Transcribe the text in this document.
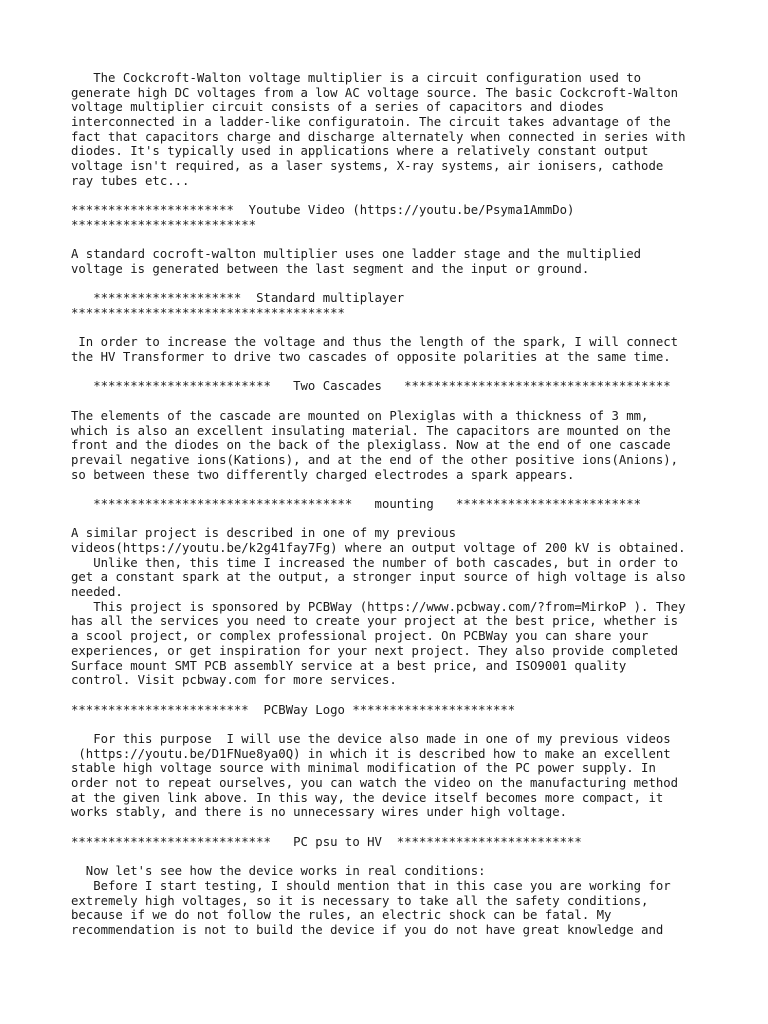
The Cockcroft-Walton voltage multiplier is a circuit configuration used to
generate high DC voltages from a low AC voltage source. The basic Cockcroft-Walton
voltage multiplier circuit consists of a series of capacitors and diodes
interconnected in a ladder-like configuratoin. The circuit takes advantage of the
fact that capacitors charge and discharge alternately when connected in series with
diodes. It's typically used in applications where a relatively constant output
voltage isn't required, as a laser systems, X-ray systems, air ionisers, cathode
ray tubes etc...
**********************  Youtube Video (https://youtu.be/Psyma1AmmDo)
*************************
A standard cocroft-walton multiplier uses one ladder stage and the multiplied
voltage is generated between the last segment and the input or ground.
********************  Standard multiplayer
*************************************
In order to increase the voltage and thus the length of the spark, I will connect
the HV Transformer to drive two cascades of opposite polarities at the same time.
************************   Two Cascades   ************************************
The elements of the cascade are mounted on Plexiglas with a thickness of 3 mm,
which is also an excellent insulating material. The capacitors are mounted on the
front and the diodes on the back of the plexiglass. Now at the end of one cascade
prevail negative ions(Kations), and at the end of the other positive ions(Anions),
so between these two differently charged electrodes a spark appears.
***********************************   mounting   *************************
A similar project is described in one of my previous
videos(https://youtu.be/k2g41fay7Fg) where an output voltage of 200 kV is obtained.
Unlike then, this time I increased the number of both cascades, but in order to
get a constant spark at the output, a stronger input source of high voltage is also
needed.
This project is sponsored by PCBWay (https://www.pcbway.com/?from=MirkoP ). They
has all the services you need to create your project at the best price, whether is
a scool project, or complex professional project. On PCBWay you can share your
experiences, or get inspiration for your next project. They also provide completed
Surface mount SMT PCB assemblY service at a best price, and ISO9001 quality
control. Visit pcbway.com for more services.
************************  PCBWay Logo **********************
For this purpose  I will use the device also made in one of my previous videos
(https://youtu.be/D1FNue8ya0Q) in which it is described how to make an excellent
stable high voltage source with minimal modification of the PC power supply. In
order not to repeat ourselves, you can watch the video on the manufacturing method
at the given link above. In this way, the device itself becomes more compact, it
works stably, and there is no unnecessary wires under high voltage.
***************************   PC psu to HV  *************************
Now let's see how the device works in real conditions:
Before I start testing, I should mention that in this case you are working for
extremely high voltages, so it is necessary to take all the safety conditions,
because if we do not follow the rules, an electric shock can be fatal. My
recommendation is not to build the device if you do not have great knowledge and
